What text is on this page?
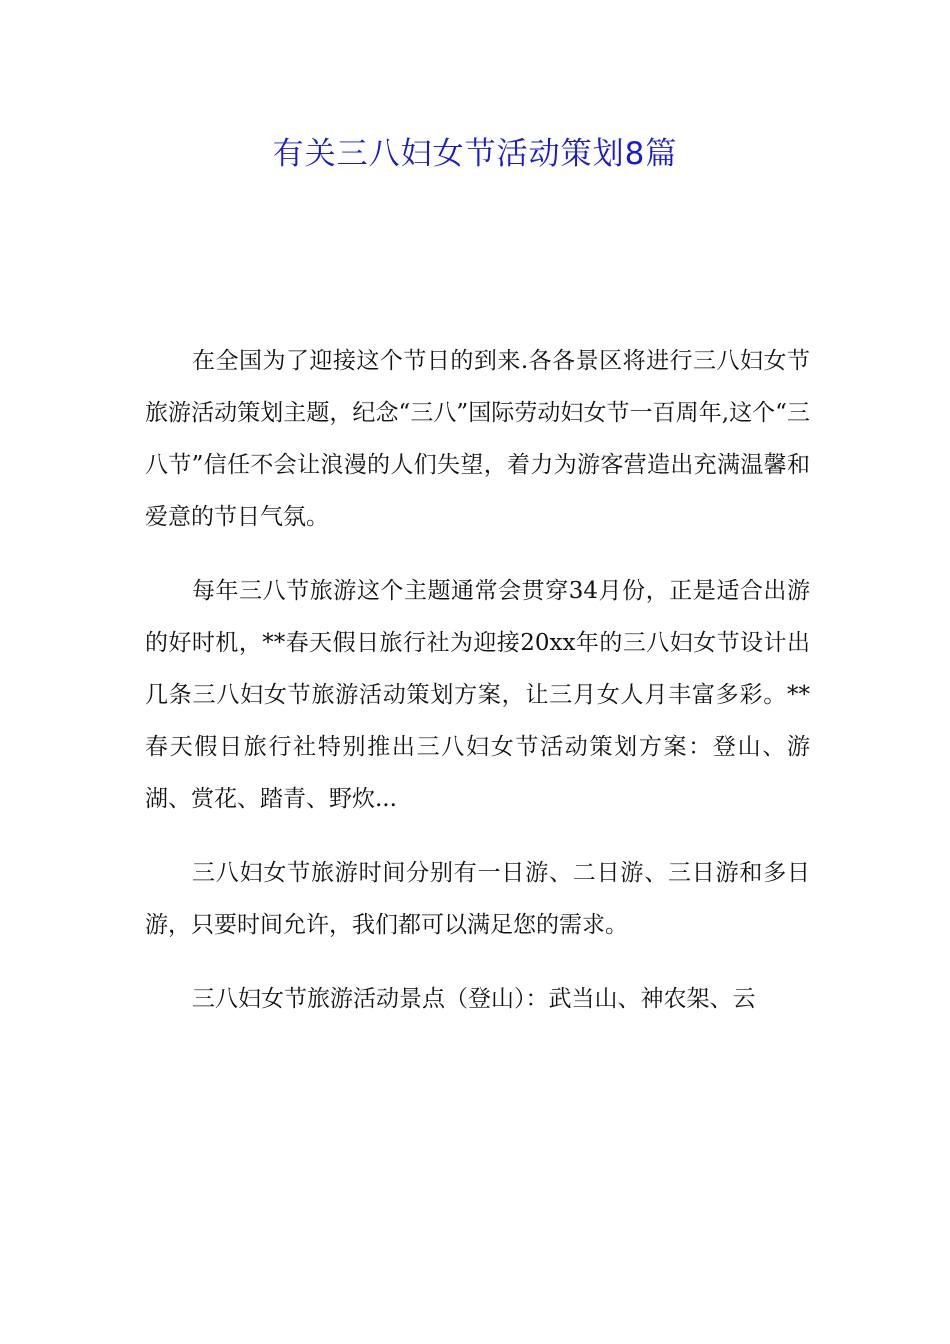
有关三八妇女节活动策划8篇

在全国为了迎接这个节日的到来.各各景区将进行三八妇女节旅游活动策划主题，纪念“三八”国际劳动妇女节一百周年,这个“三八节”信任不会让浪漫的人们失望，着力为游客营造出充满温馨和爱意的节日气氛。

每年三八节旅游这个主题通常会贯穿34月份，正是适合出游的好时机，**春天假日旅行社为迎接20xx年的三八妇女节设计出几条三八妇女节旅游活动策划方案，让三月女人月丰富多彩。**春天假日旅行社特别推出三八妇女节活动策划方案：登山、游湖、赏花、踏青、野炊...

三八妇女节旅游时间分别有一日游、二日游、三日游和多日游，只要时间允许，我们都可以满足您的需求。

三八妇女节旅游活动景点（登山）：武当山、神农架、云
